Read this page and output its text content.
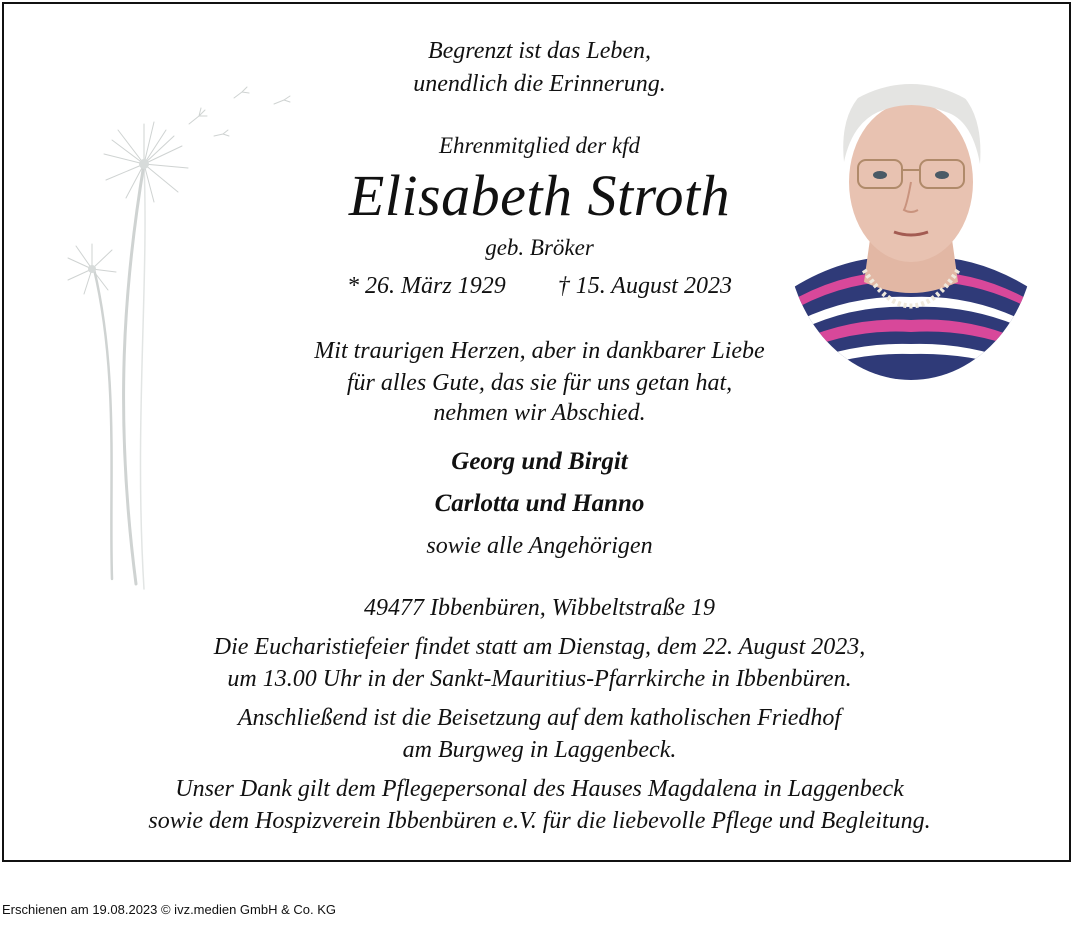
Begrenzt ist das Leben,
unendlich die Erinnerung.
Ehrenmitglied der kfd
Elisabeth Stroth
geb. Bröker
* 26. März 1929 † 15. August 2023
Mit traurigen Herzen, aber in dankbarer Liebe
für alles Gute, das sie für uns getan hat,
nehmen wir Abschied.
Georg und Birgit
Carlotta und Hanno
sowie alle Angehörigen
49477 Ibbenbüren, Wibbeltstraße 19
Die Eucharistiefeier findet statt am Dienstag, dem 22. August 2023,
um 13.00 Uhr in der Sankt-Mauritius-Pfarrkirche in Ibbenbüren.
Anschließend ist die Beisetzung auf dem katholischen Friedhof
am Burgweg in Laggenbeck.
Unser Dank gilt dem Pflegepersonal des Hauses Magdalena in Laggenbeck
sowie dem Hospizverein Ibbenbüren e.V. für die liebevolle Pflege und Begleitung.
Erschienen am 19.08.2023 © ivz.medien GmbH & Co. KG
